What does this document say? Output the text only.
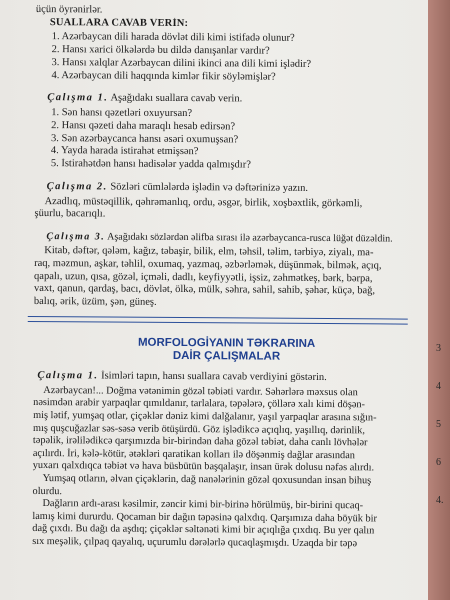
üçün öyrənirlər.
SUALLARA CAVAB VERİN:
1. Azərbaycan dili harada dövlət dili kimi istifadə olunur?
2. Hansı xarici ölkələrdə bu dildə danışanlar vardır?
3. Hansı xalqlar Azərbaycan dilini ikinci ana dili kimi işlədir?
4. Azərbaycan dili haqqında kimlər fikir söyləmişlər?
Çalışma 1. Aşağıdakı suallara cavab verin.
1. Sən hansı qəzetləri oxuyursan?
2. Hansı qəzeti daha maraqlı hesab edirsən?
3. Sən azərbaycanca hansı əsəri oxumuşsan?
4. Yayda harada istirahət etmişsən?
5. İstirahətdən hansı hadisələr yadda qalmışdır?
Çalışma 2. Sözləri cümlələrdə işlədin və dəftərinizə yazın.
Azadlıq, müstəqillik, qəhrəmanlıq, ordu, əsgər, birlik, xoşbəxtlik, görkəmli,
şüurlu, bacarıqlı.
Çalışma 3. Aşağıdakı sözlərdən əlifba sırası ilə azərbaycanca-rusca lüğət düzəldin.
Kitab, dəftər, qələm, kağız, təbaşir, bilik, elm, təhsil, təlim, tərbiyə, ziyalı, ma-
raq, məzmun, aşkar, təhlil, oxumaq, yazmaq, əzbərləmək, düşünmək, bilmək, açıq,
qapalı, uzun, qısa, gözəl, içməli, dadlı, keyfiyyətli, işsiz, zəhmətkeş, bərk, bərpa,
vaxt, qanun, qardaş, bacı, dövlət, ölkə, mülk, səhra, sahil, sahib, şəhər, küçə, bağ,
balıq, ərik, üzüm, şən, güneş.
MORFOLOGİYANIN TƏKRARINA
DAİR ÇALIŞMALAR
Çalışma 1. İsimləri tapın, hansı suallara cavab verdiyini göstərin.
Azərbaycan!... Doğma vətənimin gözəl təbiəti vardır. Səhərlərə məxsus olan
nəsimdən arabir yarpaqlar qımıldanır, tarlalara, təpələrə, çöllərə xalı kimi döşən-
miş lətif, yumşaq otlar, çiçəklər dəniz kimi dalğalanır, yaşıl yarpaqlar arasına sığın-
mış quşcuğazlar səs-səsə verib ötüşürdü. Göz işlədikcə açıqlıq, yaşıllıq, dərinlik,
təpəlik, irəlilədikcə qarşımızda bir-birindən daha gözəl təbiət, daha canlı lövhələr
açılırdı. İri, kələ-kötür, ətəkləri qaratikan kolları ilə döşənmiş dağlar arasından
yuxarı qalxdıqca təbiət və hava büsbütün başqalaşır, insan ürək dolusu nəfəs alırdı.
Yumşaq otların, əlvan çiçəklərin, dağ nanələrinin gözəl qoxusundan insan bihuş
olurdu.
Dağların ardı-arası kəsilmir, zəncir kimi bir-birinə hörülmüş, bir-birini qucaq-
lamış kimi dururdu. Qocaman bir dağın təpəsinə qalxdıq. Qarşımıza daha böyük bir
dağ çıxdı. Bu dağı da aşdıq; çiçəklər səltənəti kimi bir açıqlığa çıxdıq. Bu yer qalın
sıx meşəlik, çılpaq qayalıq, uçurumlu dərələrlə qucaqlaşmışdı. Uzaqda bir təpə
3
4
5
6
4.
